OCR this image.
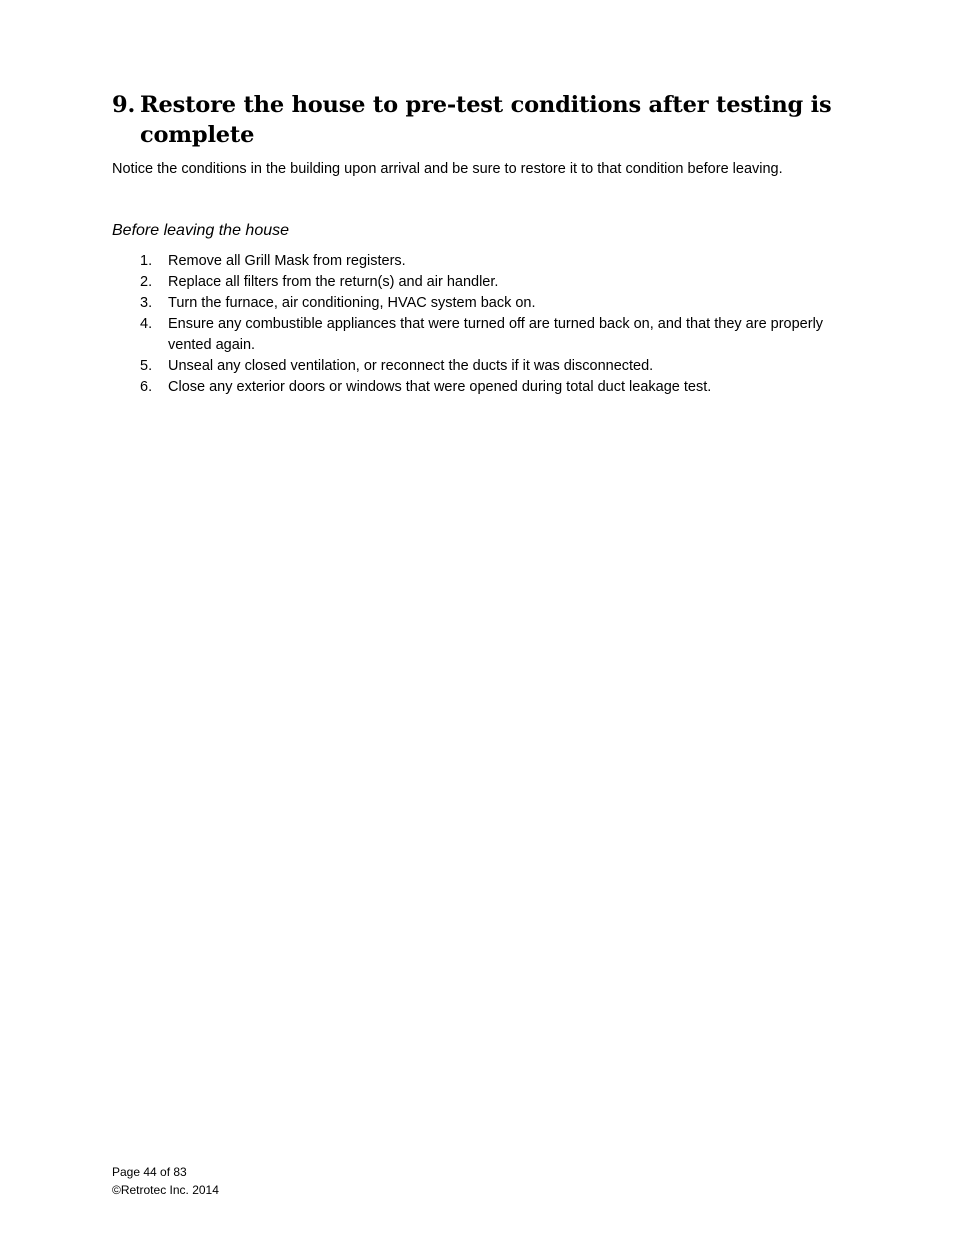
9. Restore the house to pre-test conditions after testing is complete

Notice the conditions in the building upon arrival and be sure to restore it to that condition before leaving.

Before leaving the house

1.	Remove all Grill Mask from registers.
2.	Replace all filters from the return(s) and air handler.
3.	Turn the furnace, air conditioning, HVAC system back on.
4.	Ensure any combustible appliances that were turned off are turned back on, and that they are properly vented again.
5.	Unseal any closed ventilation, or reconnect the ducts if it was disconnected.
6.	Close any exterior doors or windows that were opened during total duct leakage test.
Page 44 of 83
©Retrotec Inc. 2014
